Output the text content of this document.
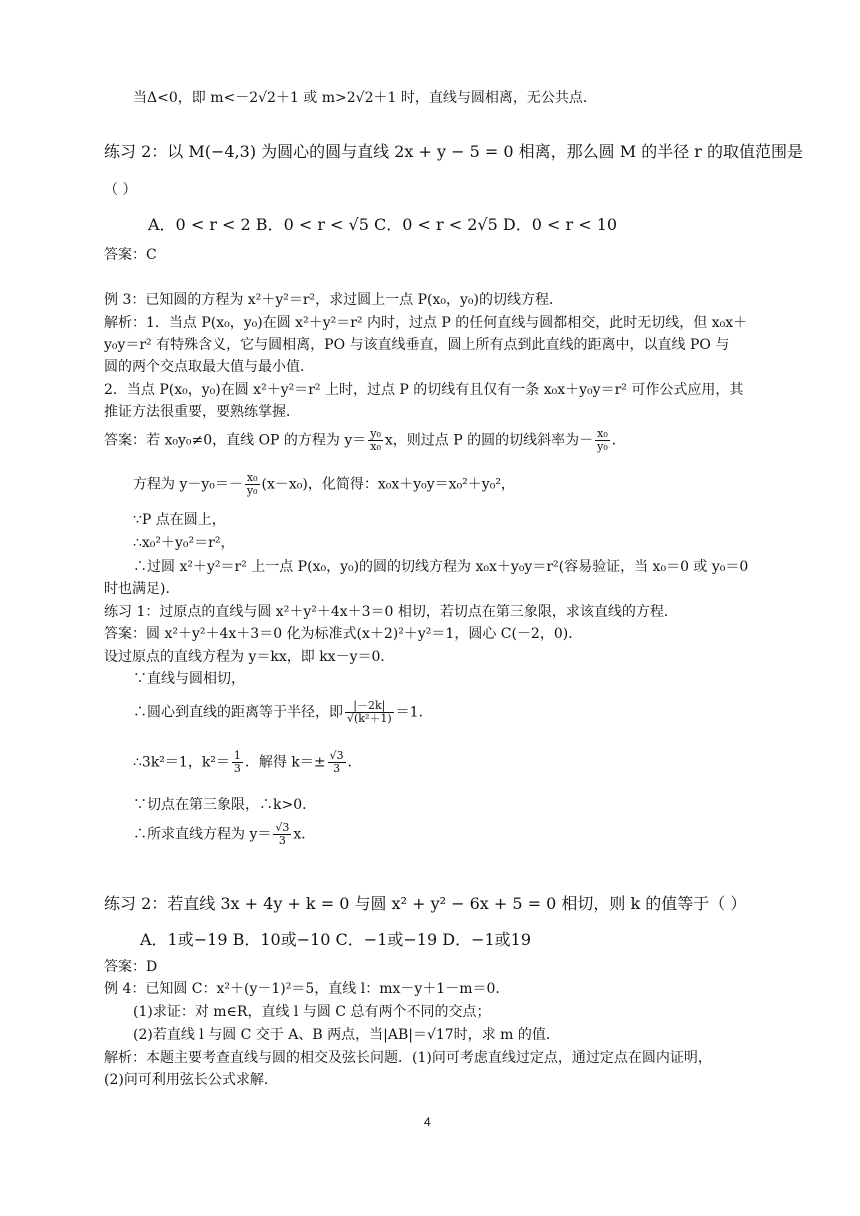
当Δ<0，即 m<－2√2＋1 或 m>2√2＋1 时，直线与圆相离，无公共点．
练习 2：以 M(−4,3) 为圆心的圆与直线 2x + y − 5 = 0 相离，那么圆 M 的半径 r 的取值范围是
（ ）
A．0 < r < 2 B．0 < r < √5 C．0 < r < 2√5 D．0 < r < 10
答案：C
例 3：已知圆的方程为 x²＋y²＝r²，求过圆上一点 P(x₀，y₀)的切线方程．
解析：1．当点 P(x₀，y₀)在圆 x²＋y²＝r² 内时，过点 P 的任何直线与圆都相交，此时无切线，但 x₀x＋
y₀y＝r² 有特殊含义，它与圆相离，PO 与该直线垂直，圆上所有点到此直线的距离中，以直线 PO 与
圆的两个交点取最大值与最小值．
2．当点 P(x₀，y₀)在圆 x²＋y²＝r² 上时，过点 P 的切线有且仅有一条 x₀x＋y₀y＝r² 可作公式应用，其
推证方法很重要，要熟练掌握．
答案：若 x₀y₀≠0，直线 OP 的方程为 $y= \frac{\text{y₀}}{\text{x₀}}$ x，则过点 P 的圆的切线斜率为－ $\frac{\text{x₀}}{\text{y₀}}$ ．
方程为 $y-y_0=- \frac{\text{x₀}}{\text{y₀}} (x-x_0)$，化简得：x₀x＋y₀y＝x₀²＋y₀²，
∵P 点在圆上，
∴x₀²＋y₀²＝r²，
∴过圆 x²＋y²＝r² 上一点 P(x₀，y₀)的圆的切线方程为 x₀x＋y₀y＝r²(容易验证，当 x₀＝0 或 y₀＝0
时也满足)．
练习 1：过原点的直线与圆 x²＋y²＋4x＋3＝0 相切，若切点在第三象限，求该直线的方程．
答案：圆 x²＋y²＋4x＋3＝0 化为标准式(x＋2)²＋y²＝1，圆心 C(－2，0)．
设过原点的直线方程为 y＝kx，即 kx－y＝0．
∵直线与圆相切，
∴圆心到直线的距离等于半径，即 $\frac{|-2k|}{\text{√(k²＋1)}} =1$．
∴3k²＝1，$k^2= \frac{1}{3}$ ．解得 $k=\pm \frac{√3}{3}$ ．
∵切点在第三象限，∴k>0．
∴所求直线方程为 $y= \frac{√3}{3}$ x．
练习 2：若直线 3x + 4y + k = 0 与圆 x² + y² − 6x + 5 = 0 相切，则 k 的值等于（ ）
A．1或−19 B．10或−10 C．−1或−19 D．−1或19
答案：D
例 4：已知圆 C：x²＋(y－1)²＝5，直线 l：mx－y＋1－m＝0．
(1)求证：对 m∈R，直线 l 与圆 C 总有两个不同的交点；
(2)若直线 l 与圆 C 交于 A、B 两点，当|AB|＝√17时，求 m 的值．
解析：本题主要考查直线与圆的相交及弦长问题．(1)问可考虑直线过定点，通过定点在圆内证明，
(2)问可利用弦长公式求解．
4
